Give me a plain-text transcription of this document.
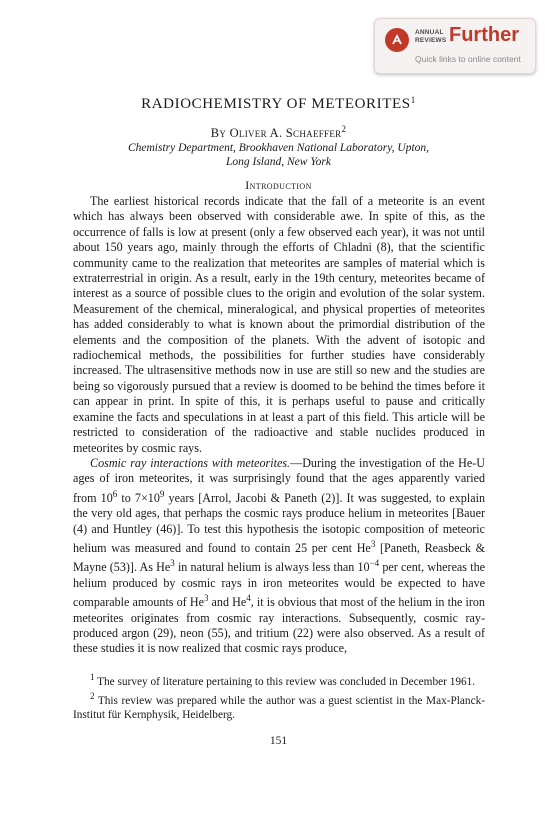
ANNUAL REVIEWS Further
Quick links to online content
RADIOCHEMISTRY OF METEORITES$^1$
By Oliver A. Schaeffer$^2$
Chemistry Department, Brookhaven National Laboratory, Upton,
Long Island, New York
Introduction

The earliest historical records indicate that the fall of a meteorite is an event which has always been observed with considerable awe. In spite of this, as the occurrence of falls is low at present (only a few observed each year), it was not until about 150 years ago, mainly through the efforts of Chladni (8), that the scientific community came to the realization that meteorites are samples of material which is extraterrestrial in origin. As a result, early in the 19th century, meteorites became of interest as a source of possible clues to the origin and evolution of the solar system. Measurement of the chemical, mineralogical, and physical properties of meteorites has added considerably to what is known about the primordial distribution of the elements and the composition of the planets. With the advent of isotopic and radiochemical methods, the possibilities for further studies have considerably increased. The ultrasensitive methods now in use are still so new and the studies are being so vigorously pursued that a review is doomed to be behind the times before it can appear in print. In spite of this, it is perhaps useful to pause and critically examine the facts and speculations in at least a part of this field. This article will be restricted to consideration of the radioactive and stable nuclides produced in meteorites by cosmic rays.

Cosmic ray interactions with meteorites.—During the investigation of the He-U ages of iron meteorites, it was surprisingly found that the ages apparently varied from $10^6$ to $7\times 10^9$ years [Arrol, Jacobi & Paneth (2)]. It was suggested, to explain the very old ages, that perhaps the cosmic rays produce helium in meteorites [Bauer (4) and Huntley (46)]. To test this hypothesis the isotopic composition of meteoric helium was measured and found to contain 25 per cent He$^3$ [Paneth, Reasbeck & Mayne (53)]. As He$^3$ in natural helium is always less than $10^{-4}$ per cent, whereas the helium produced by cosmic rays in iron meteorites would be expected to have comparable amounts of He$^3$ and He$^4$, it is obvious that most of the helium in the iron meteorites originates from cosmic ray interactions. Subsequently, cosmic ray-produced argon (29), neon (55), and tritium (22) were also observed. As a result of these studies it is now realized that cosmic rays produce,

$^1$ The survey of literature pertaining to this review was concluded in December 1961.

$^2$ This review was prepared while the author was a guest scientist in the Max-Planck-Institut für Kernphysik, Heidelberg.

151
